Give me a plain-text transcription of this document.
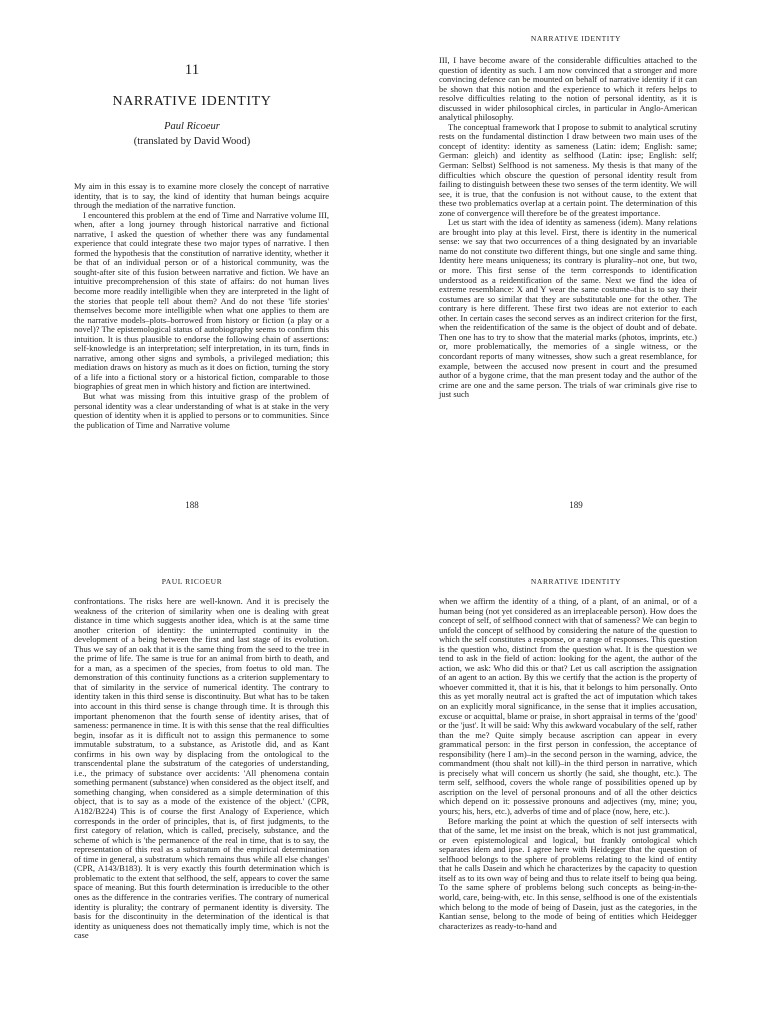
11
NARRATIVE IDENTITY
Paul Ricoeur
(translated by David Wood)

My aim in this essay is to examine more closely the concept of narrative identity, that is to say, the kind of identity that human beings acquire through the mediation of the narrative function.

I encountered this problem at the end of Time and Narrative volume III, when, after a long journey through historical narrative and fictional narrative, I asked the question of whether there was any fundamental experience that could integrate these two major types of narrative. I then formed the hypothesis that the constitution of narrative identity, whether it be that of an individual person or of a historical community, was the sought-after site of this fusion between narrative and fiction. We have an intuitive precomprehension of this state of affairs: do not human lives become more readily intelligible when they are interpreted in the light of the stories that people tell about them? And do not these 'life stories' themselves become more intelligible when what one applies to them are the narrative models–plots–borrowed from history or fiction (a play or a novel)? The epistemological status of autobiography seems to confirm this intuition. It is thus plausible to endorse the following chain of assertions: self-knowledge is an interpretation; self interpretation, in its turn, finds in narrative, among other signs and symbols, a privileged mediation; this mediation draws on history as much as it does on fiction, turning the story of a life into a fictional story or a historical fiction, comparable to those biographies of great men in which history and fiction are intertwined.

But what was missing from this intuitive grasp of the problem of personal identity was a clear understanding of what is at stake in the very question of identity when it is applied to persons or to communities. Since the publication of Time and Narrative volume

188
NARRATIVE IDENTITY

III, I have become aware of the considerable difficulties attached to the question of identity as such. I am now convinced that a stronger and more convincing defence can be mounted on behalf of narrative identity if it can be shown that this notion and the experience to which it refers helps to resolve difficulties relating to the notion of personal identity, as it is discussed in wider philosophical circles, in particular in Anglo-American analytical philosophy.

The conceptual framework that I propose to submit to analytical scrutiny rests on the fundamental distinction I draw between two main uses of the concept of identity: identity as sameness (Latin: idem; English: same; German: gleich) and identity as selfhood (Latin: ipse; English: self; German: Selbst) Selfhood is not sameness. My thesis is that many of the difficulties which obscure the question of personal identity result from failing to distinguish between these two senses of the term identity. We will see, it is true, that the confusion is not without cause, to the extent that these two problematics overlap at a certain point. The determination of this zone of convergence will therefore be of the greatest importance.

Let us start with the idea of identity as sameness (idem). Many relations are brought into play at this level. First, there is identity in the numerical sense: we say that two occurrences of a thing designated by an invariable name do not constitute two different things, but one single and same thing. Identity here means uniqueness; its contrary is plurality–not one, but two, or more. This first sense of the term corresponds to identification understood as a reidentification of the same. Next we find the idea of extreme resemblance: X and Y wear the same costume–that is to say their costumes are so similar that they are substitutable one for the other. The contrary is here different. These first two ideas are not exterior to each other. In certain cases the second serves as an indirect criterion for the first, when the reidentification of the same is the object of doubt and of debate. Then one has to try to show that the material marks (photos, imprints, etc.) or, more problematically, the memories of a single witness, or the concordant reports of many witnesses, show such a great resemblance, for example, between the accused now present in court and the presumed author of a bygone crime, that the man present today and the author of the crime are one and the same person. The trials of war criminals give rise to just such

189
PAUL RICOEUR

confrontations. The risks here are well-known. And it is precisely the weakness of the criterion of similarity when one is dealing with great distance in time which suggests another idea, which is at the same time another criterion of identity: the uninterrupted continuity in the development of a being between the first and last stage of its evolution. Thus we say of an oak that it is the same thing from the seed to the tree in the prime of life. The same is true for an animal from birth to death, and for a man, as a specimen of the species, from foetus to old man. The demonstration of this continuity functions as a criterion supplementary to that of similarity in the service of numerical identity. The contrary to identity taken in this third sense is discontinuity. But what has to be taken into account in this third sense is change through time. It is through this important phenomenon that the fourth sense of identity arises, that of sameness: permanence in time. It is with this sense that the real difficulties begin, insofar as it is difficult not to assign this permanence to some immutable substratum, to a substance, as Aristotle did, and as Kant confirms in his own way by displacing from the ontological to the transcendental plane the substratum of the categories of understanding, i.e., the primacy of substance over accidents: 'All phenomena contain something permanent (substance) when considered as the object itself, and something changing, when considered as a simple determination of this object, that is to say as a mode of the existence of the object.' (CPR, A182/B224) This is of course the first Analogy of Experience, which corresponds in the order of principles, that is, of first judgments, to the first category of relation, which is called, precisely, substance, and the scheme of which is 'the permanence of the real in time, that is to say, the representation of this real as a substratum of the empirical determination of time in general, a substratum which remains thus while all else changes' (CPR, A143/B183). It is very exactly this fourth determination which is problematic to the extent that selfhood, the self, appears to cover the same space of meaning. But this fourth determination is irreducible to the other ones as the difference in the contraries verifies. The contrary of numerical identity is plurality; the contrary of permanent identity is diversity. The basis for the discontinuity in the determination of the identical is that identity as uniqueness does not thematically imply time, which is not the case

NARRATIVE IDENTITY

when we affirm the identity of a thing, of a plant, of an animal, or of a human being (not yet considered as an irreplaceable person). How does the concept of self, of selfhood connect with that of sameness? We can begin to unfold the concept of selfhood by considering the nature of the question to which the self constitutes a response, or a range of responses. This question is the question who, distinct from the question what. It is the question we tend to ask in the field of action: looking for the agent, the author of the action, we ask: Who did this or that? Let us call ascription the assignation of an agent to an action. By this we certify that the action is the property of whoever committed it, that it is his, that it belongs to him personally. Onto this as yet morally neutral act is grafted the act of imputation which takes on an explicitly moral significance, in the sense that it implies accusation, excuse or acquittal, blame or praise, in short appraisal in terms of the 'good' or the 'just'. It will be said: Why this awkward vocabulary of the self, rather than the me? Quite simply because ascription can appear in every grammatical person: in the first person in confession, the acceptance of responsibility (here I am)–in the second person in the warning, advice, the commandment (thou shalt not kill)–in the third person in narrative, which is precisely what will concern us shortly (he said, she thought, etc.). The term self, selfhood, covers the whole range of possibilities opened up by ascription on the level of personal pronouns and of all the other deictics which depend on it: possessive pronouns and adjectives (my, mine; you, yours; his, hers, etc.), adverbs of time and of place (now, here, etc.).

Before marking the point at which the question of self intersects with that of the same, let me insist on the break, which is not just grammatical, or even epistemological and logical, but frankly ontological which separates idem and ipse. I agree here with Heidegger that the question of selfhood belongs to the sphere of problems relating to the kind of entity that he calls Dasein and which he characterizes by the capacity to question itself as to its own way of being and thus to relate itself to being qua being. To the same sphere of problems belong such concepts as being-in-the-world, care, being-with, etc. In this sense, selfhood is one of the existentials which belong to the mode of being of Dasein, just as the categories, in the Kantian sense, belong to the mode of being of entities which Heidegger characterizes as ready-to-hand and
